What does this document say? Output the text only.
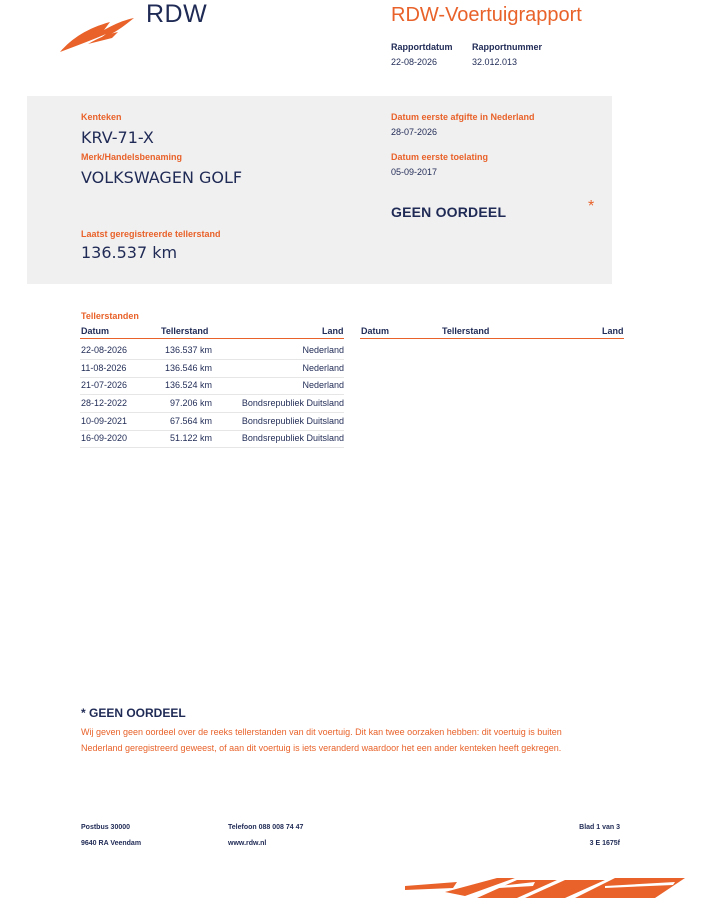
RDW	RDW-Voertuigrapport
Rapportdatum
22-08-2026
Rapportnummer
32.012.013
Kenteken
KRV-71-X
Merk/Handelsbenaming
VOLKSWAGEN GOLF
Datum eerste afgifte in Nederland
28-07-2026
Datum eerste toelating
05-09-2017
GEEN OORDEEL	*
Laatst geregistreerde tellerstand
136.537 km
Tellerstanden
Datum	Tellerstand	Land Datum	Tellerstand	Land
22-08-2026	136.537 km	Nederland
11-08-2026	136.546 km	Nederland
21-07-2026	136.524 km	Nederland
28-12-2022	97.206 km	Bondsrepubliek Duitsland
10-09-2021	67.564 km	Bondsrepubliek Duitsland
16-09-2020	51.122 km	Bondsrepubliek Duitsland
* GEEN OORDEEL
Wij geven geen oordeel over de reeks tellerstanden van dit voertuig. Dit kan twee oorzaken hebben: dit voertuig is buiten Nederland geregistreerd geweest, of aan dit voertuig is iets veranderd waardoor het een ander kenteken heeft gekregen.
Postbus 30000
9640 RA Veendam
Telefoon 088 008 74 47
www.rdw.nl
Blad 1 van 3
3 E 1675f
